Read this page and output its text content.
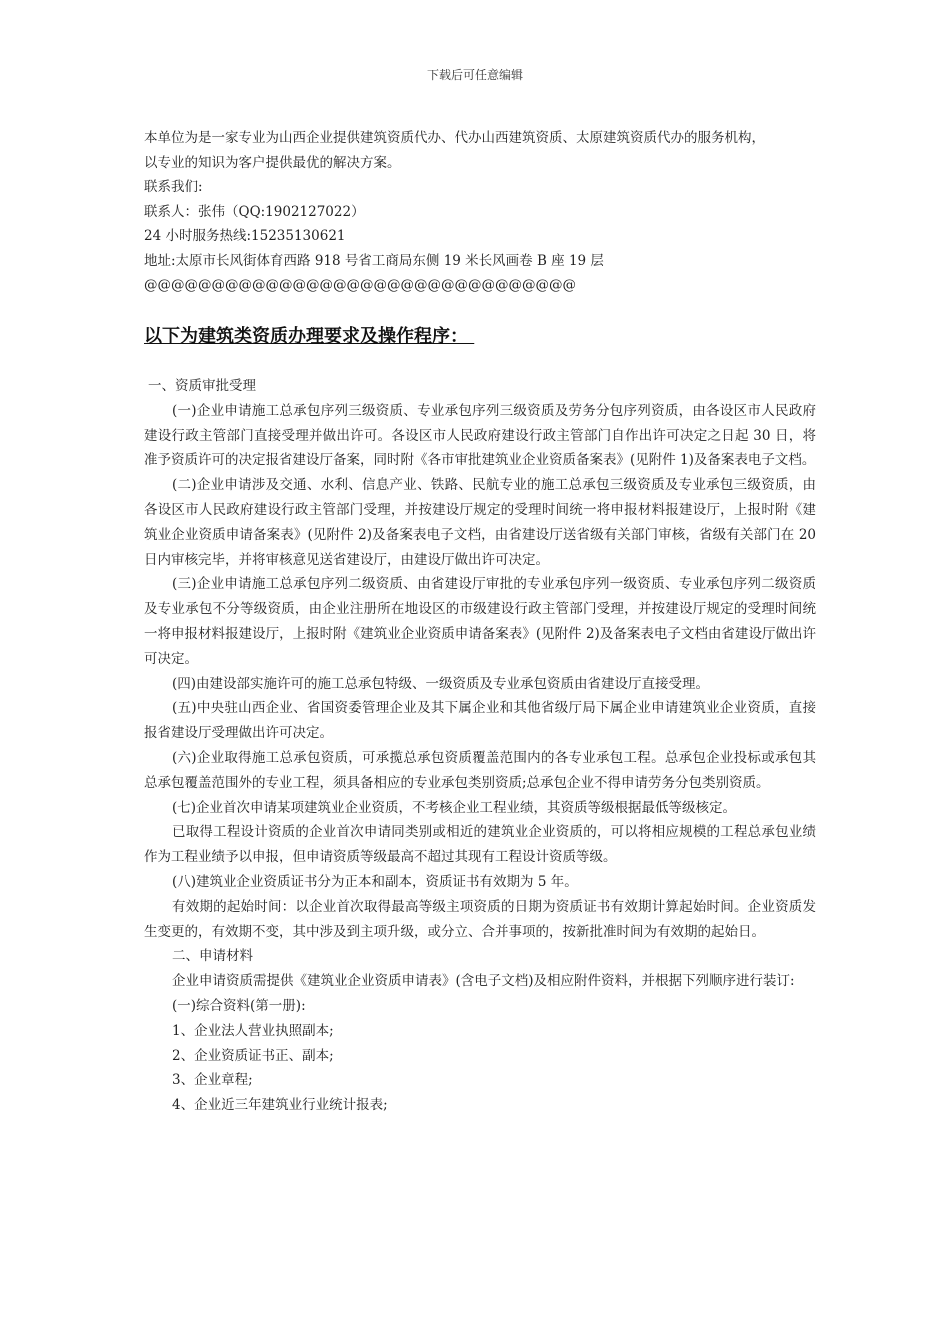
下载后可任意编辑

本单位为是一家专业为山西企业提供建筑资质代办、代办山西建筑资质、太原建筑资质代办的服务机构，

以专业的知识为客户提供最优的解决方案。

联系我们:

联系人：张伟（QQ:1902127022）

24 小时服务热线:15235130621

地址:太原市长风街体育西路 918 号省工商局东侧 19 米长风画卷 B 座 19 层

@@@@@@@@@@@@@@@@@@@@@@@@@@@@@@@@

以下为建筑类资质办理要求及操作程序：

一、资质审批受理

(一)企业申请施工总承包序列三级资质、专业承包序列三级资质及劳务分包序列资质，由各设区市人民政府建设行政主管部门直接受理并做出许可。各设区市人民政府建设行政主管部门自作出许可决定之日起 30 日，将准予资质许可的决定报省建设厅备案，同时附《各市审批建筑业企业资质备案表》(见附件 1)及备案表电子文档。

(二)企业申请涉及交通、水利、信息产业、铁路、民航专业的施工总承包三级资质及专业承包三级资质，由各设区市人民政府建设行政主管部门受理，并按建设厅规定的受理时间统一将申报材料报建设厅，上报时附《建筑业企业资质申请备案表》(见附件 2)及备案表电子文档，由省建设厅送省级有关部门审核，省级有关部门在 20 日内审核完毕，并将审核意见送省建设厅，由建设厅做出许可决定。

(三)企业申请施工总承包序列二级资质、由省建设厅审批的专业承包序列一级资质、专业承包序列二级资质及专业承包不分等级资质，由企业注册所在地设区的市级建设行政主管部门受理，并按建设厅规定的受理时间统一将申报材料报建设厅，上报时附《建筑业企业资质申请备案表》(见附件 2)及备案表电子文档由省建设厅做出许可决定。

(四)由建设部实施许可的施工总承包特级、一级资质及专业承包资质由省建设厅直接受理。

(五)中央驻山西企业、省国资委管理企业及其下属企业和其他省级厅局下属企业申请建筑业企业资质，直接报省建设厅受理做出许可决定。

(六)企业取得施工总承包资质，可承揽总承包资质覆盖范围内的各专业承包工程。总承包企业投标或承包其总承包覆盖范围外的专业工程，须具备相应的专业承包类别资质;总承包企业不得申请劳务分包类别资质。

(七)企业首次申请某项建筑业企业资质，不考核企业工程业绩，其资质等级根据最低等级核定。

已取得工程设计资质的企业首次申请同类别或相近的建筑业企业资质的，可以将相应规模的工程总承包业绩作为工程业绩予以申报，但申请资质等级最高不超过其现有工程设计资质等级。

(八)建筑业企业资质证书分为正本和副本，资质证书有效期为 5 年。

有效期的起始时间：以企业首次取得最高等级主项资质的日期为资质证书有效期计算起始时间。企业资质发生变更的，有效期不变，其中涉及到主项升级，或分立、合并事项的，按新批准时间为有效期的起始日。

二、申请材料

企业申请资质需提供《建筑业企业资质申请表》(含电子文档)及相应附件资料，并根据下列顺序进行装订:

(一)综合资料(第一册):

1、企业法人营业执照副本;

2、企业资质证书正、副本;

3、企业章程;

4、企业近三年建筑业行业统计报表;
